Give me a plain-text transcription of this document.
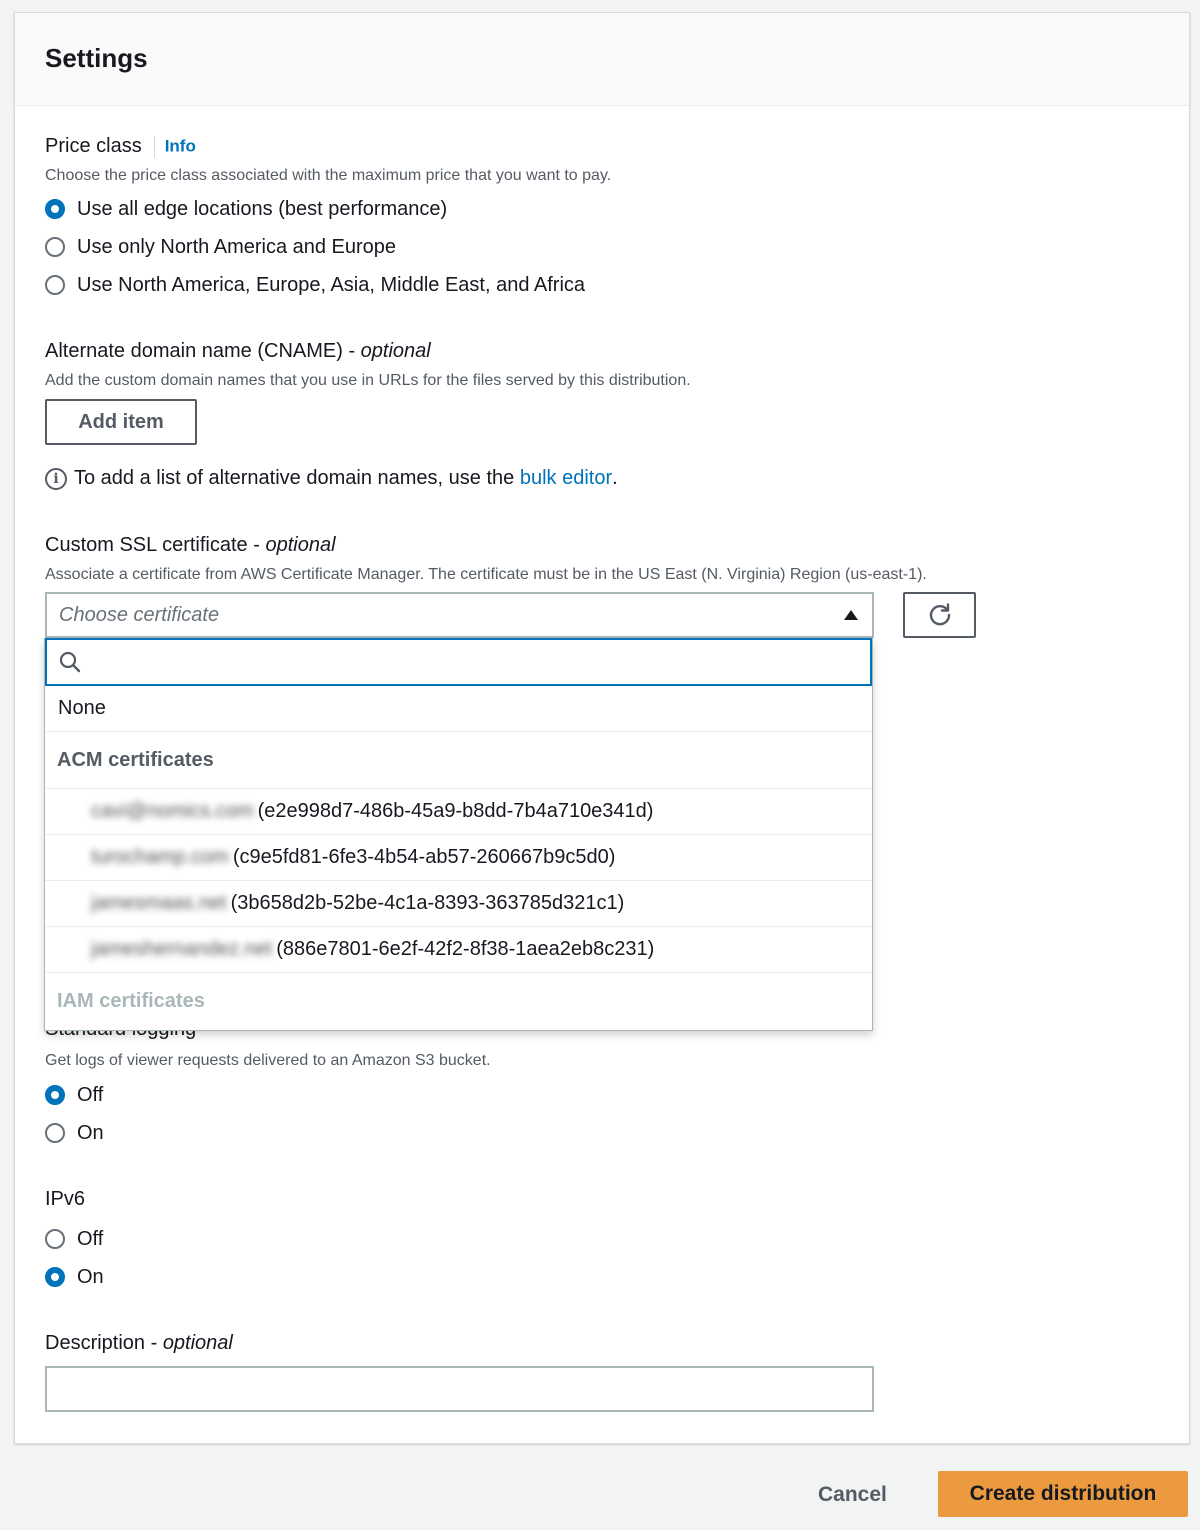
Settings
Price class Info
Choose the price class associated with the maximum price that you want to pay.
Use all edge locations (best performance)
Use only North America and Europe
Use North America, Europe, Asia, Middle East, and Africa
Alternate domain name (CNAME) - optional
Add the custom domain names that you use in URLs for the files served by this distribution.
Add item
i To add a list of alternative domain names, use the
bulk editor .
Custom SSL certificate - optional
Associate a certificate from AWS Certificate Manager. The certificate must be in the US East (N. Virginia) Region (us-east-1).
Choose certificate
Get logs of viewer requests delivered to an Amazon S3 bucket.
Off
On
IPv6
Off
On
Description - optional
None
ACM certificates
cavi@nomics.com (e2e998d7-486b-45a9-b8dd-7b4a710e341d)
turochamp.com (c9e5fd81-6fe3-4b54-ab57-260667b9c5d0)
jamesmaas.net (3b658d2b-52be-4c1a-8393-363785d321c1)
jameshernandez.net (886e7801-6e2f-42f2-8f38-1aea2eb8c231)
IAM certificates
Cancel	Create distribution
